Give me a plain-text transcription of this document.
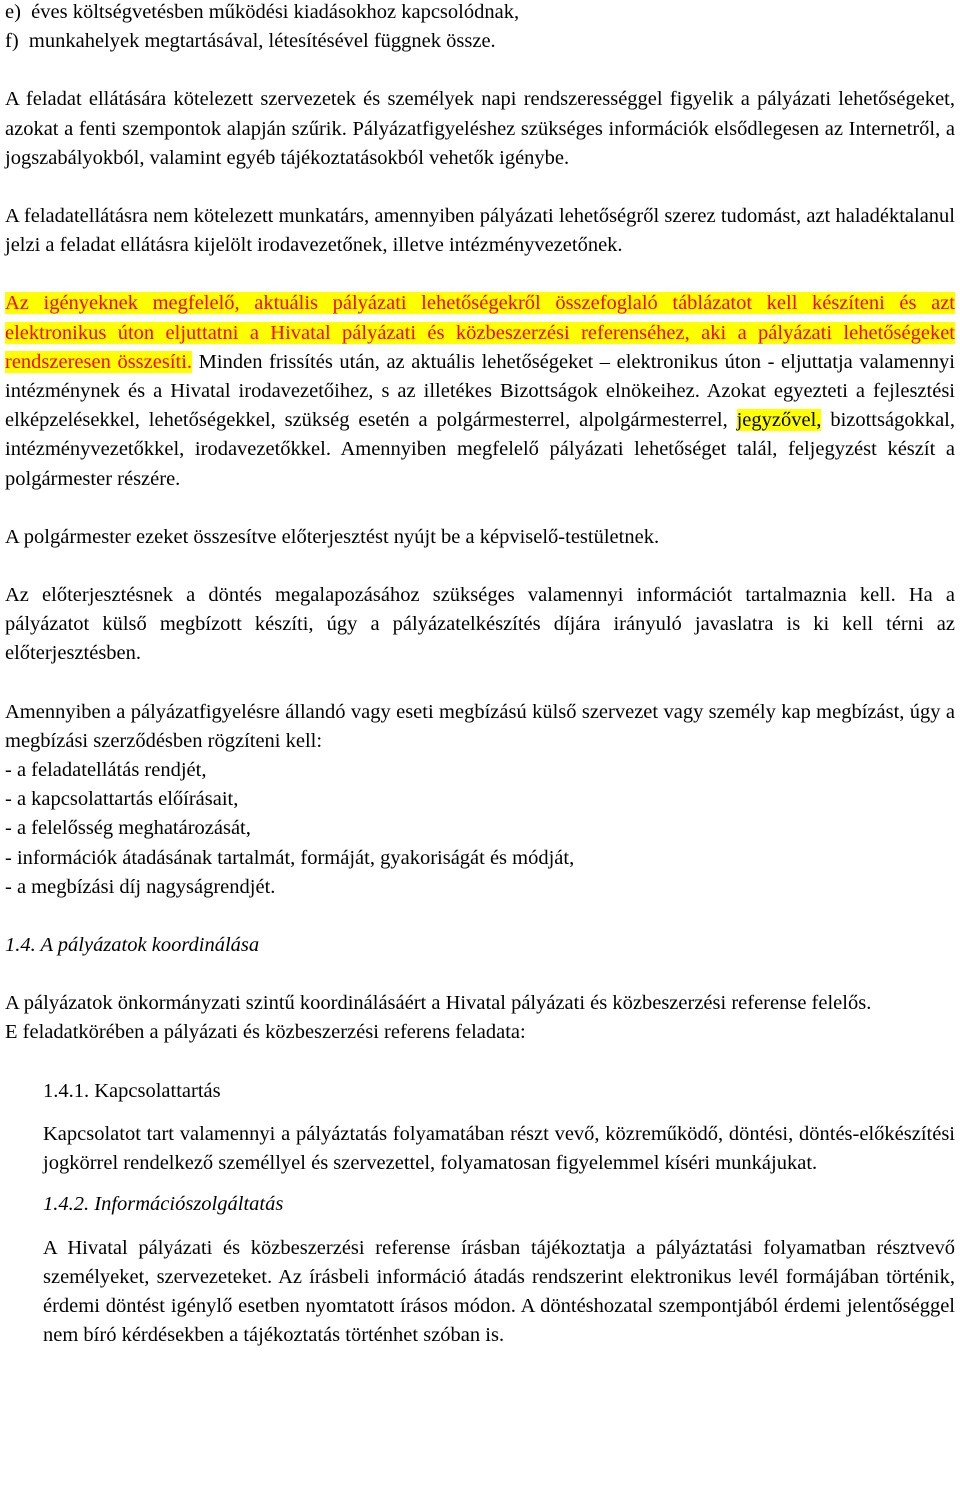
e)  éves költségvetésben működési kiadásokhoz kapcsolódnak,

f)  munkahelyek megtartásával, létesítésével függnek össze.

A feladat ellátására kötelezett szervezetek és személyek napi rendszerességgel figyelik a pályázati lehetőségeket, azokat a fenti szempontok alapján szűrik. Pályázatfigyeléshez szükséges információk elsődlegesen az Internetről, a jogszabályokból, valamint egyéb tájékoztatásokból vehetők igénybe.

A feladatellátásra nem kötelezett munkatárs, amennyiben pályázati lehetőségről szerez tudomást, azt haladéktalanul jelzi a feladat ellátásra kijelölt irodavezetőnek, illetve intézményvezetőnek.

Az igényeknek megfelelő, aktuális pályázati lehetőségekről összefoglaló táblázatot kell készíteni és azt elektronikus úton eljuttatni a Hivatal pályázati és közbeszerzési referenséhez, aki a pályázati lehetőségeket rendszeresen összesíti. Minden frissítés után, az aktuális lehetőségeket – elektronikus úton - eljuttatja valamennyi intézménynek és a Hivatal irodavezetőihez, s az illetékes Bizottságok elnökeihez. Azokat egyezteti a fejlesztési elképzelésekkel, lehetőségekkel, szükség esetén a polgármesterrel, alpolgármesterrel, jegyzővel, bizottságokkal, intézményvezetőkkel, irodavezetőkkel. Amennyiben megfelelő pályázati lehetőséget talál, feljegyzést készít a polgármester részére.

A polgármester ezeket összesítve előterjesztést nyújt be a képviselő-testületnek.

Az előterjesztésnek a döntés megalapozásához szükséges valamennyi információt tartalmaznia kell. Ha a pályázatot külső megbízott készíti, úgy a pályázatelkészítés díjára irányuló javaslatra is ki kell térni az előterjesztésben.

Amennyiben a pályázatfigyelésre állandó vagy eseti megbízású külső szervezet vagy személy kap megbízást, úgy a megbízási szerződésben rögzíteni kell:

- a feladatellátás rendjét,

- a kapcsolattartás előírásait,

- a felelősség meghatározását,

- információk átadásának tartalmát, formáját, gyakoriságát és módját,

- a megbízási díj nagyságrendjét.

1.4. A pályázatok koordinálása

A pályázatok önkormányzati szintű koordinálásáért a Hivatal pályázati és közbeszerzési referense felelős.

E feladatkörében a pályázati és közbeszerzési referens feladata:

1.4.1. Kapcsolattartás

Kapcsolatot tart valamennyi a pályáztatás folyamatában részt vevő, közreműködő, döntési, döntés-előkészítési jogkörrel rendelkező személlyel és szervezettel, folyamatosan figyelemmel kíséri munkájukat.

1.4.2. Információszolgáltatás

A Hivatal pályázati és közbeszerzési referense írásban tájékoztatja a pályáztatási folyamatban résztvevő személyeket, szervezeteket. Az írásbeli információ átadás rendszerint elektronikus levél formájában történik, érdemi döntést igénylő esetben nyomtatott írásos módon. A döntéshozatal szempontjából érdemi jelentőséggel nem bíró kérdésekben a tájékoztatás történhet szóban is.
